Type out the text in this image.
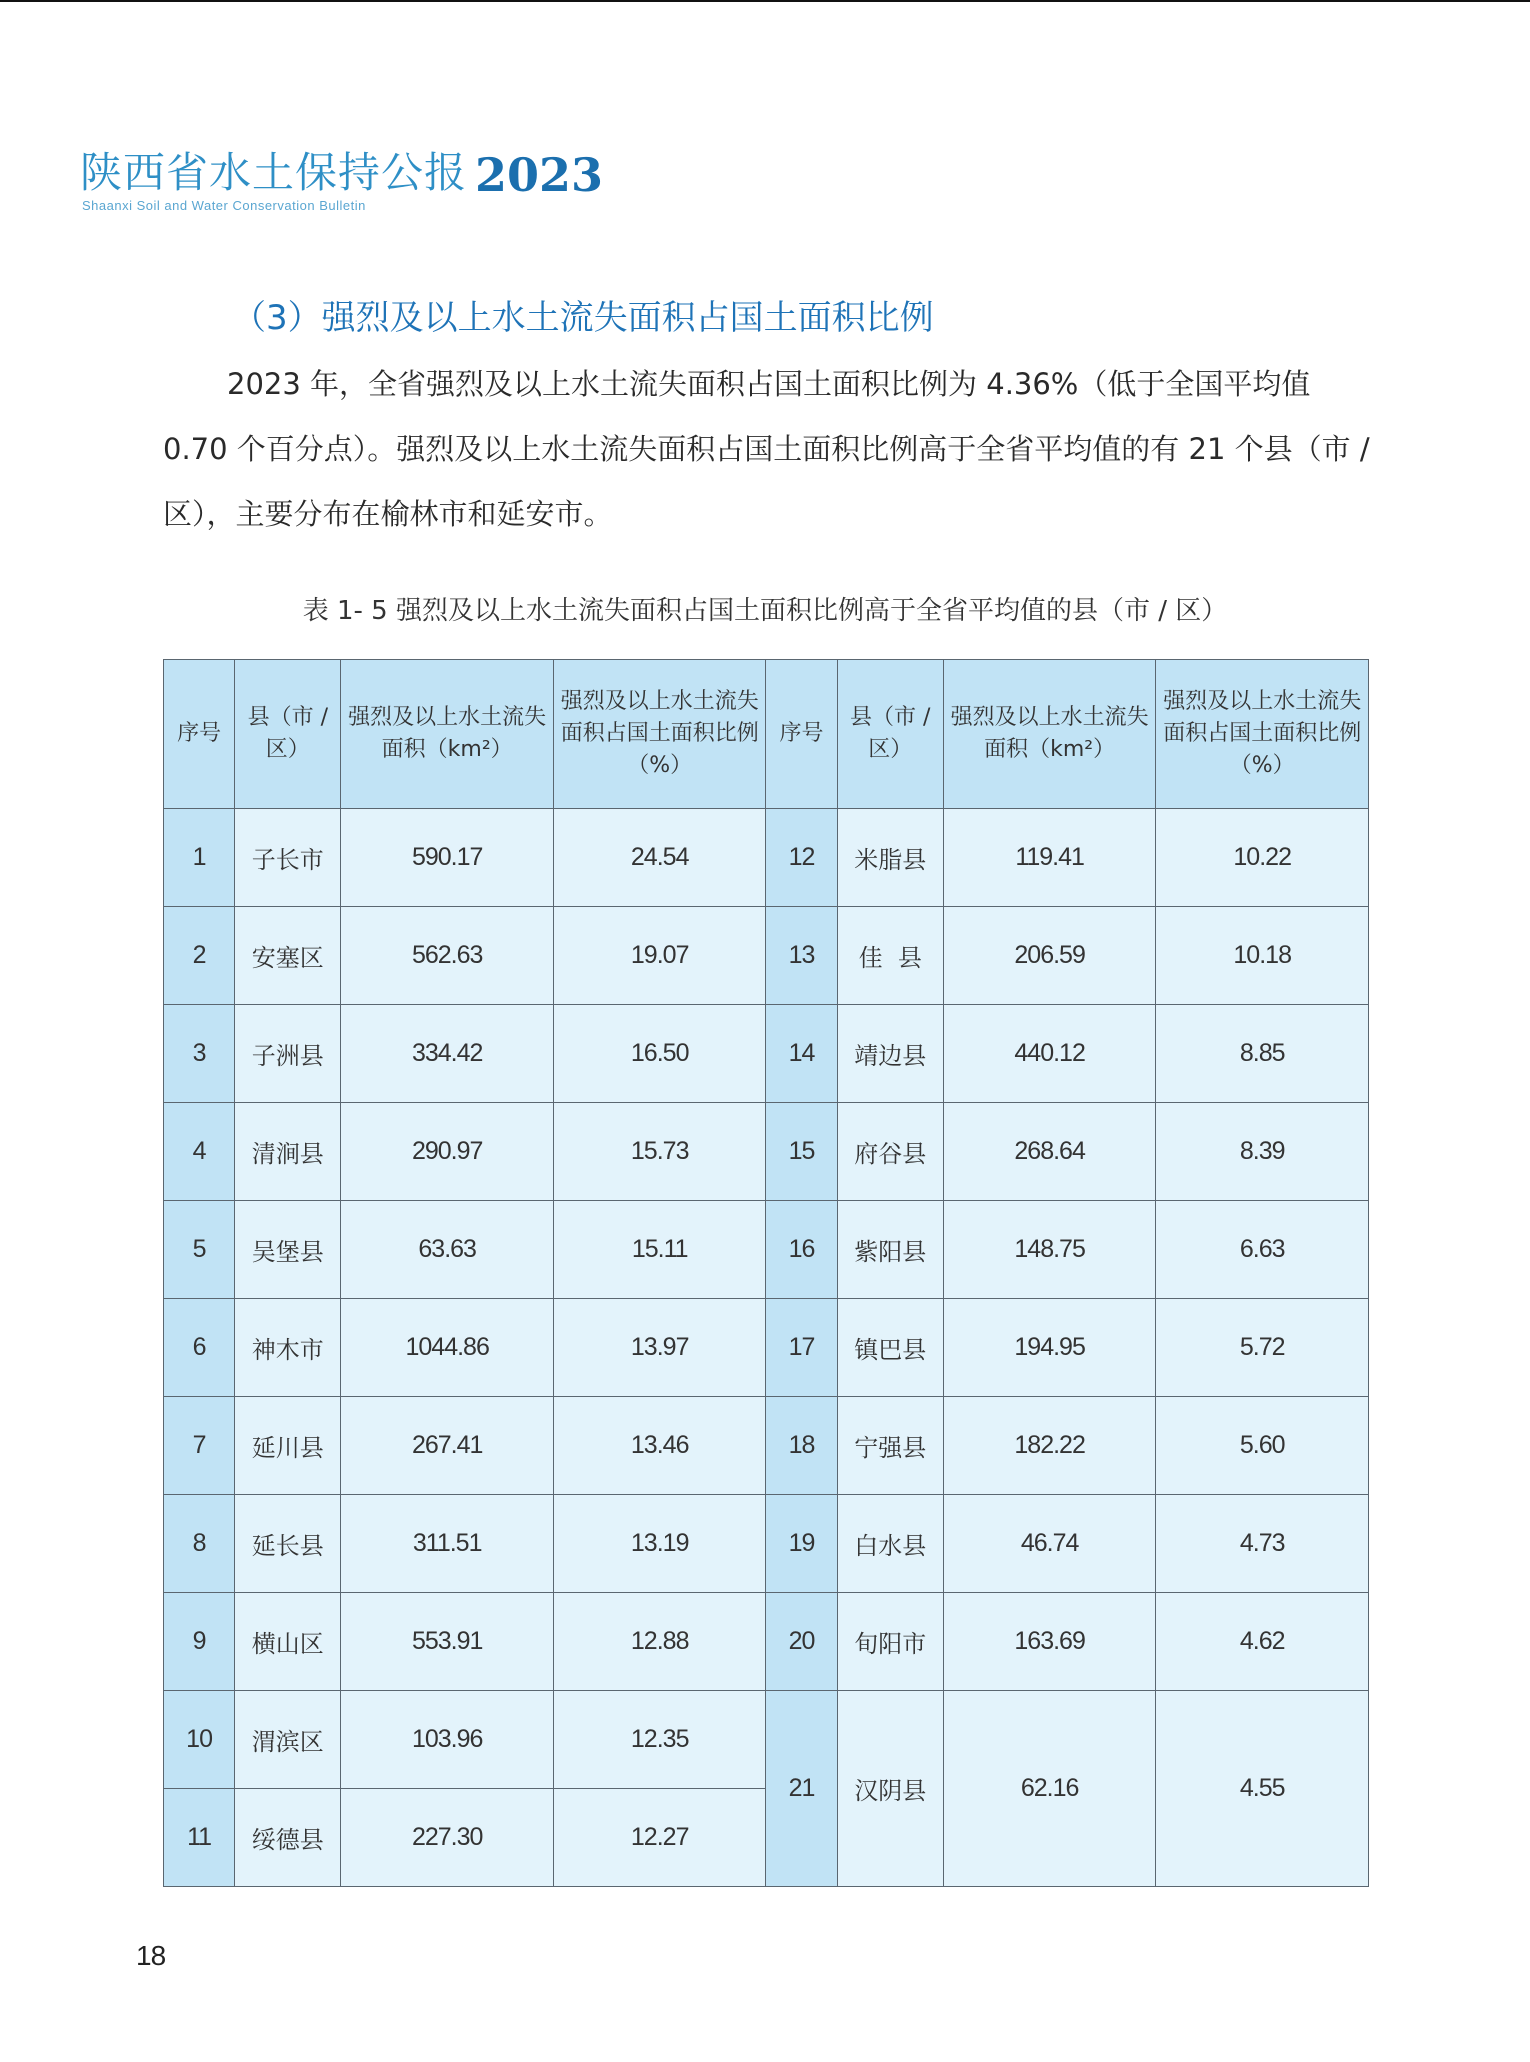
陕西省水土保持公报
Shaanxi Soil and Water Conservation Bulletin
2023
（3）强烈及以上水土流失面积占国土面积比例

2023 年，全省强烈及以上水土流失面积占国土面积比例为 4.36%（低于全国平均值 0.70 个百分点）。强烈及以上水土流失面积占国土面积比例高于全省平均值的有 21 个县（市 / 区），主要分布在榆林市和延安市。

表 1- 5 强烈及以上水土流失面积占国土面积比例高于全省平均值的县（市 / 区）
序号	县（市 / 区）	强烈及以上水土流失面积（km²）	强烈及以上水土流失面积占国土面积比例（%）	序号	县（市 / 区）	强烈及以上水土流失面积（km²）	强烈及以上水土流失面积占国土面积比例（%）
1	子长市	590.17	24.54	12	米脂县	119.41	10.22
2	安塞区	562.63	19.07	13	佳  县	206.59	10.18
3	子洲县	334.42	16.50	14	靖边县	440.12	8.85
4	清涧县	290.97	15.73	15	府谷县	268.64	8.39
5	吴堡县	63.63	15.11	16	紫阳县	148.75	6.63
6	神木市	1044.86	13.97	17	镇巴县	194.95	5.72
7	延川县	267.41	13.46	18	宁强县	182.22	5.60
8	延长县	311.51	13.19	19	白水县	46.74	4.73
9	横山区	553.91	12.88	20	旬阳市	163.69	4.62
10	渭滨区	103.96	12.35	21	汉阴县	62.16	4.55
11	绥德县	227.30	12.27				
18
